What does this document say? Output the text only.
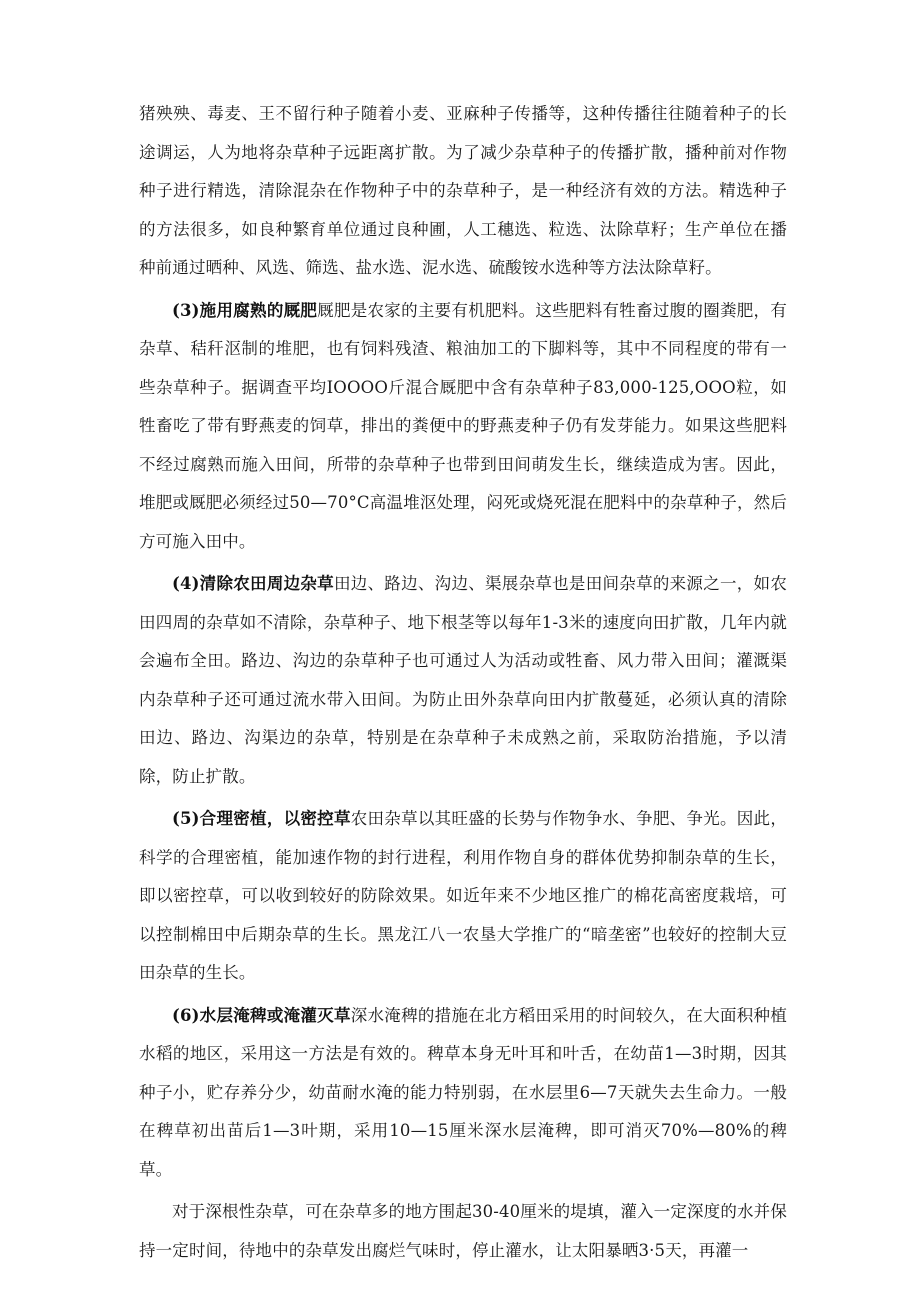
猪殃殃、毒麦、王不留行种子随着小麦、亚麻种子传播等，这种传播往往随着种子的长途调运，人为地将杂草种子远距离扩散。为了减少杂草种子的传播扩散，播种前对作物种子进行精选，清除混杂在作物种子中的杂草种子，是一种经济有效的方法。精选种子的方法很多，如良种繁育单位通过良种圃，人工穗选、粒选、汰除草籽；生产单位在播种前通过晒种、风选、筛选、盐水选、泥水选、硫酸铵水选种等方法汰除草籽。

(3)施用腐熟的厩肥厩肥是农家的主要有机肥料。这些肥料有牲畜过腹的圈粪肥，有杂草、秸秆沤制的堆肥，也有饲料残渣、粮油加工的下脚料等，其中不同程度的带有一些杂草种子。据调查平均IOOOO斤混合厩肥中含有杂草种子83,000-125,OOO粒，如牲畜吃了带有野燕麦的饲草，排出的粪便中的野燕麦种子仍有发芽能力。如果这些肥料不经过腐熟而施入田间，所带的杂草种子也带到田间萌发生长，继续造成为害。因此，堆肥或厩肥必须经过50—70°C高温堆沤处理，闷死或烧死混在肥料中的杂草种子，然后方可施入田中。

(4)清除农田周边杂草田边、路边、沟边、渠展杂草也是田间杂草的来源之一，如农田四周的杂草如不清除，杂草种子、地下根茎等以每年1-3米的速度向田扩散，几年内就会遍布全田。路边、沟边的杂草种子也可通过人为活动或牲畜、风力带入田间；灌溉渠内杂草种子还可通过流水带入田间。为防止田外杂草向田内扩散蔓延，必须认真的清除田边、路边、沟渠边的杂草，特别是在杂草种子未成熟之前，采取防治措施，予以清除，防止扩散。

(5)合理密植，以密控草农田杂草以其旺盛的长势与作物争水、争肥、争光。因此，科学的合理密植，能加速作物的封行进程，利用作物自身的群体优势抑制杂草的生长，即以密控草，可以收到较好的防除效果。如近年来不少地区推广的棉花高密度栽培，可以控制棉田中后期杂草的生长。黑龙江八一农垦大学推广的“暗垄密”也较好的控制大豆田杂草的生长。

(6)水层淹稗或淹灌灭草深水淹稗的措施在北方稻田采用的时间较久，在大面积种植水稻的地区，采用这一方法是有效的。稗草本身无叶耳和叶舌，在幼苗1—3时期，因其种子小，贮存养分少，幼苗耐水淹的能力特别弱，在水层里6—7天就失去生命力。一般在稗草初出苗后1—3叶期，采用10—15厘米深水层淹稗，即可消灭70%—80%的稗草。

对于深根性杂草，可在杂草多的地方围起30-40厘米的堤填，灌入一定深度的水并保持一定时间，待地中的杂草发出腐烂气味时，停止灌水，让太阳暴晒3·5天，再灌一
